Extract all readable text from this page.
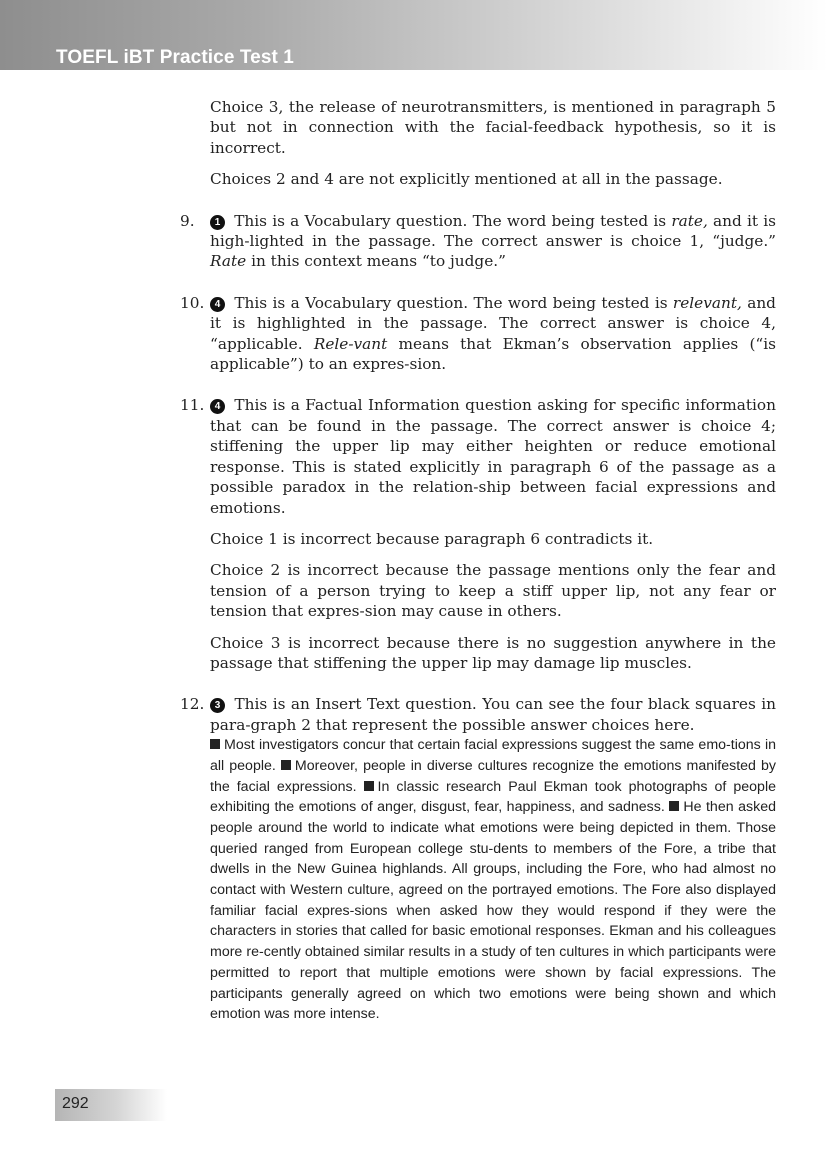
TOEFL iBT Practice Test 1

Choice 3, the release of neurotransmitters, is mentioned in paragraph 5 but not in connection with the facial-feedback hypothesis, so it is incorrect.

Choices 2 and 4 are not explicitly mentioned at all in the passage.

9.	1 This is a Vocabulary question. The word being tested is rate, and it is high-lighted in the passage. The correct answer is choice 1, “judge.” Rate in this context means “to judge.”

10.	4 This is a Vocabulary question. The word being tested is relevant, and it is highlighted in the passage. The correct answer is choice 4, “applicable. Rele-vant means that Ekman’s observation applies (“is applicable”) to an expres-sion.

11.	4 This is a Factual Information question asking for specific information that can be found in the passage. The correct answer is choice 4; stiffening the upper lip may either heighten or reduce emotional response. This is stated explicitly in paragraph 6 of the passage as a possible paradox in the relation-ship between facial expressions and emotions.

Choice 1 is incorrect because paragraph 6 contradicts it.

Choice 2 is incorrect because the passage mentions only the fear and tension of a person trying to keep a stiff upper lip, not any fear or tension that expres-sion may cause in others.

Choice 3 is incorrect because there is no suggestion anywhere in the passage that stiffening the upper lip may damage lip muscles.

12.	3 This is an Insert Text question. You can see the four black squares in para-graph 2 that represent the possible answer choices here.

Most investigators concur that certain facial expressions suggest the same emo-tions in all people. Moreover, people in diverse cultures recognize the emotions manifested by the facial expressions. In classic research Paul Ekman took photographs of people exhibiting the emotions of anger, disgust, fear, happiness, and sadness. He then asked people around the world to indicate what emotions were being depicted in them. Those queried ranged from European college stu-dents to members of the Fore, a tribe that dwells in the New Guinea highlands. All groups, including the Fore, who had almost no contact with Western culture, agreed on the portrayed emotions. The Fore also displayed familiar facial expres-sions when asked how they would respond if they were the characters in stories that called for basic emotional responses. Ekman and his colleagues more re-cently obtained similar results in a study of ten cultures in which participants were permitted to report that multiple emotions were shown by facial expressions. The participants generally agreed on which two emotions were being shown and which emotion was more intense.

292
